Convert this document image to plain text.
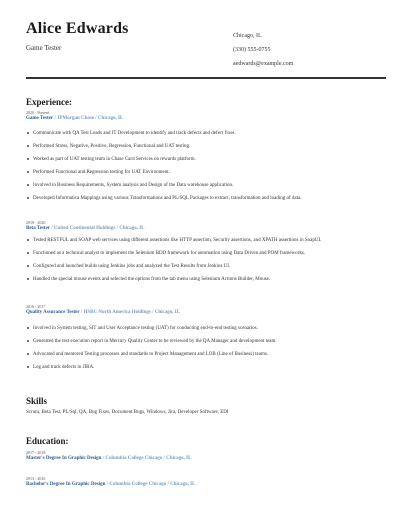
Alice Edwards
Game Tester
Chicago, IL
(330) 555-0755
aedwards@example.com
Experience:
2020 - Present
Game Tester / JPMorgan Chase / Chicago, IL
Communicate with QA Test Leads and IT Development to identify and track defects and defect fixes.
Performed Stress, Negative, Positive, Regression, Functional and UAT testing.
Worked as part of UAT testing team in Chase Card Services on rewards platform.
Performed Functional and Regression testing for UAT Environment.
Involved in Business Requirements, System analysis and Design of the Data warehouse application.
Developed Informatica Mappings using various Transformations and PL/SQL Packages to extract, transformation and loading of data.
2019 - 2020
Beta Tester / United Continental Holdings / Chicago, IL
Tested RESTFUL and SOAP web services using different assertions like HTTP assertion, Security assertions, and XPATH assertions in SoapUI.
Functioned as a technical analyst to implement the Selenium BDD framework for automation using Data Driven and POM frameworks.
Configured and launched builds using Jenkins jobs and analyzed the Test Results from Jenkins UI.
Handled the special mouse events and selected the options from the tab menu using Selenium Actions Builder, Mouse.
2016 - 2017
Quality Assurance Tester / HSBC North America Holdings / Chicago, IL
Involved in System testing, SIT and User Acceptance testing (UAT) for conducting end-to-end testing scenarios.
Generated the test execution report in Mercury Quality Center to be reviewed by the QA Manager and development team.
Advocated and mentored Testing processes and standards to Project Management and LOB (Line of Business) teams.
Log and track defects in JIRA.
Skills
Scrum, Beta Test, PL/Sql, QA, Bug Fixes, Document Bugs, Windows, Jira, Developer Software, EDI
Education:
2017 - 2018
Master's Degree In Graphic Design / Columbia College Chicago / Chicago, IL
2013 - 2016
Bachelor's Degree In Graphic Design / Columbia College Chicago / Chicago, IL
